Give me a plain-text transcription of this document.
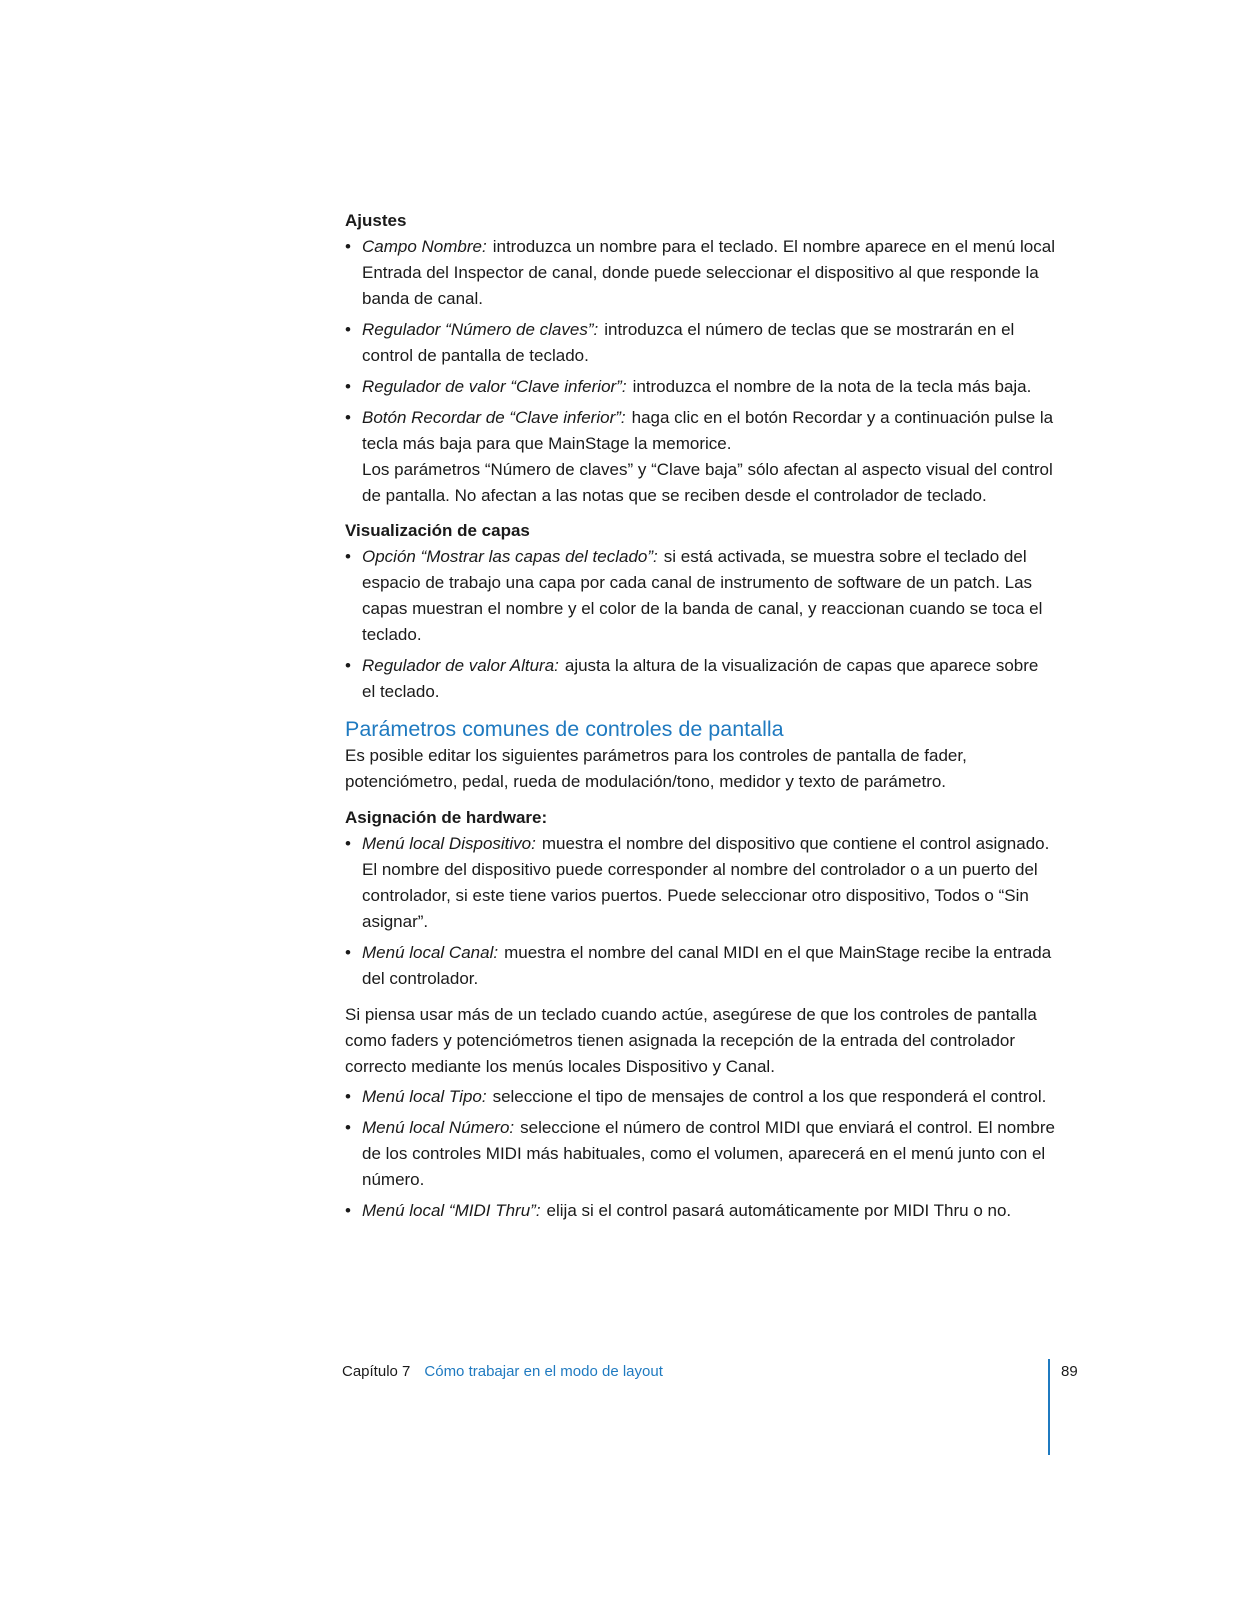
Ajustes
• Campo Nombre: introduzca un nombre para el teclado. El nombre aparece en el menú local Entrada del Inspector de canal, donde puede seleccionar el dispositivo al que responde la banda de canal.
• Regulador “Número de claves”: introduzca el número de teclas que se mostrarán en el control de pantalla de teclado.
• Regulador de valor “Clave inferior”: introduzca el nombre de la nota de la tecla más baja.
• Botón Recordar de “Clave inferior”: haga clic en el botón Recordar y a continuación pulse la tecla más baja para que MainStage la memorice.

Los parámetros “Número de claves” y “Clave baja” sólo afectan al aspecto visual del control de pantalla. No afectan a las notas que se reciben desde el controlador de teclado.

Visualización de capas
• Opción “Mostrar las capas del teclado”: si está activada, se muestra sobre el teclado del espacio de trabajo una capa por cada canal de instrumento de software de un patch. Las capas muestran el nombre y el color de la banda de canal, y reaccionan cuando se toca el teclado.
• Regulador de valor Altura: ajusta la altura de la visualización de capas que aparece sobre el teclado.
Parámetros comunes de controles de pantalla

Es posible editar los siguientes parámetros para los controles de pantalla de fader, potenciómetro, pedal, rueda de modulación/tono, medidor y texto de parámetro.

Asignación de hardware:
• Menú local Dispositivo: muestra el nombre del dispositivo que contiene el control asignado. El nombre del dispositivo puede corresponder al nombre del controlador o a un puerto del controlador, si este tiene varios puertos. Puede seleccionar otro dispositivo, Todos o “Sin asignar”.
• Menú local Canal: muestra el nombre del canal MIDI en el que MainStage recibe la entrada del controlador.

Si piensa usar más de un teclado cuando actúe, asegúrese de que los controles de pantalla como faders y potenciómetros tienen asignada la recepción de la entrada del controlador correcto mediante los menús locales Dispositivo y Canal.

• Menú local Tipo: seleccione el tipo de mensajes de control a los que responderá el control.
• Menú local Número: seleccione el número de control MIDI que enviará el control. El nombre de los controles MIDI más habituales, como el volumen, aparecerá en el menú junto con el número.
• Menú local “MIDI Thru”: elija si el control pasará automáticamente por MIDI Thru o no.
Capítulo 7 Cómo trabajar en el modo de layout	89
